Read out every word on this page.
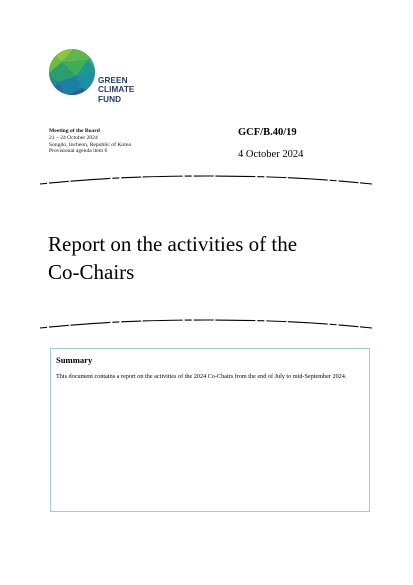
GREEN
CLIMATE
FUND
Meeting of the Board
21 – 24 October 2024
Songdo, Incheon, Republic of Korea
Provisional agenda item 6
GCF/B.40/19
4 October 2024
Report on the activities of the
Co-Chairs
Summary
This document contains a report on the activities of the 2024 Co-Chairs from the end of July to mid-September 2024.
